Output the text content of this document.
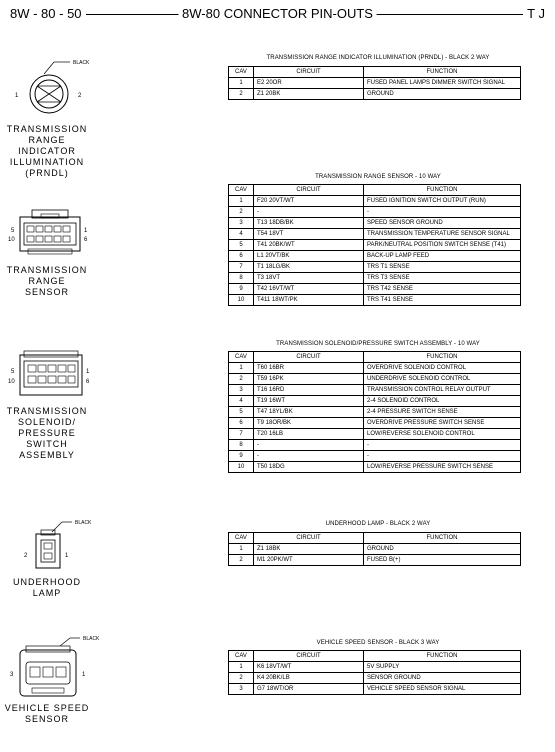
8W - 80 - 50	8W-80 CONNECTOR PIN-OUTS	T J
TRANSMISSION RANGE INDICATOR ILLUMINATION (PRNDL) - BLACK 2 WAY
CAV	CIRCUIT	FUNCTION
1	E2 20OR	FUSED PANEL LAMPS DIMMER SWITCH SIGNAL
2	Z1 20BK	GROUND
BLACK
1	2
TRANSMISSION
RANGE
INDICATOR
ILLUMINATION
(PRNDL)	TRANSMISSION RANGE SENSOR - 10 WAY
CAV	CIRCUIT	FUNCTION
1	F20 20VT/WT	FUSED IGNITION SWITCH OUTPUT (RUN)
2	-	-
3	T13 18DB/BK	SPEED SENSOR GROUND
4	T54 18VT	TRANSMISSION TEMPERATURE SENSOR SIGNAL
5	T41 20BK/WT	PARK/NEUTRAL POSITION SWITCH SENSE (T41)
6	L1 20VT/BK	BACK-UP LAMP FEED
7	T1 18LG/BK	TRS T1 SENSE
8	T3 18VT	TRS T3 SENSE
9	T42 16VT/WT	TRS T42 SENSE
10	T411 18WT/PK	TRS T41 SENSE
5
10
1
6
TRANSMISSION
RANGE
SENSOR
TRANSMISSION SOLENOID/PRESSURE SWITCH ASSEMBLY - 10 WAY
CAV	CIRCUIT	FUNCTION
1	T60 16BR	OVERDRIVE SOLENOID CONTROL
2	T59 16PK	UNDERDRIVE SOLENOID CONTROL
3	T16 16RD	TRANSMISSION CONTROL RELAY OUTPUT
4	T19 16WT	2-4 SOLENOID CONTROL
5	T47 18YL/BK	2-4 PRESSURE SWITCH SENSE
6	T9 18OR/BK	OVERDRIVE PRESSURE SWITCH SENSE
7	T20 16LB	LOW/REVERSE SOLENOID CONTROL
8	-	-
9	-	-
10	T50 18DG	LOW/REVERSE PRESSURE SWITCH SENSE
5
10
1
6
TRANSMISSION
SOLENOID/
PRESSURE
SWITCH
ASSEMBLY
UNDERHOOD LAMP - BLACK 2 WAY
CAV	CIRCUIT	FUNCTION
1	Z1 18BK	GROUND
2	M1 20PK/WT	FUSED B(+)
BLACK
2	1
UNDERHOOD
LAMP
VEHICLE SPEED SENSOR - BLACK 3 WAY
CAV	CIRCUIT	FUNCTION
1	K6 18VT/WT	5V SUPPLY
2	K4 20BK/LB	SENSOR GROUND
3	G7 18WT/OR	VEHICLE SPEED SENSOR SIGNAL
BLACK
3	1
VEHICLE SPEED
SENSOR
